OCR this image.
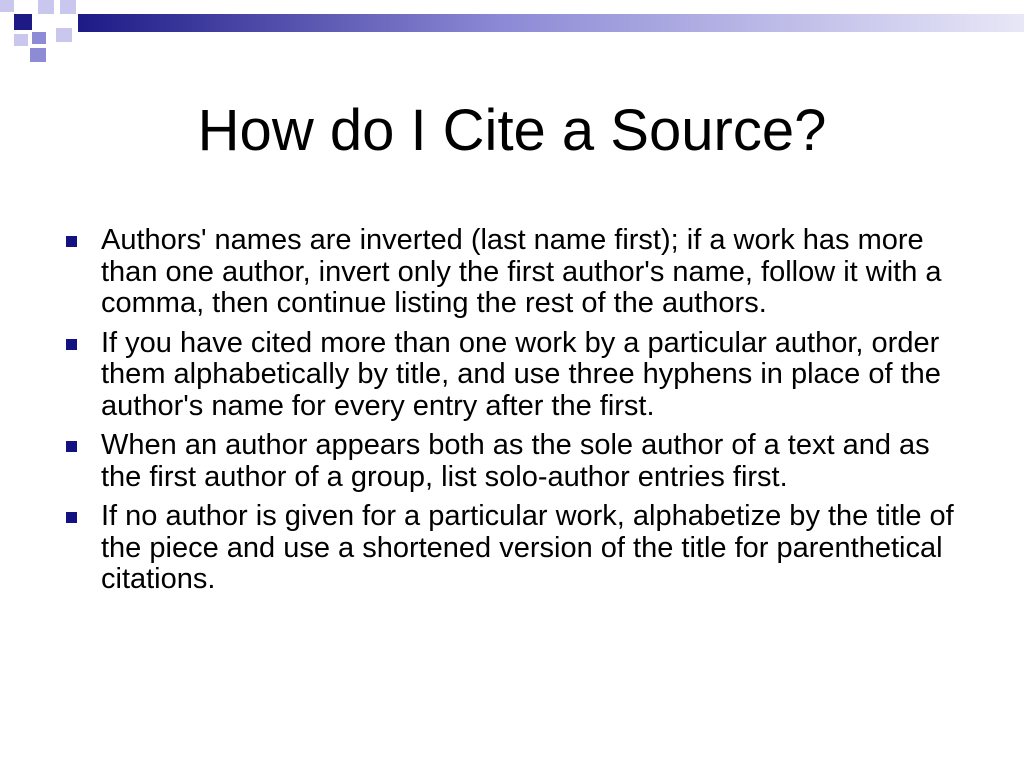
How do I Cite a Source?
Authors' names are inverted (last name first); if a work has more than one author, invert only the first author's name, follow it with a comma, then continue listing the rest of the authors.
If you have cited more than one work by a particular author, order them alphabetically by title, and use three hyphens in place of the author's name for every entry after the first.
When an author appears both as the sole author of a text and as the first author of a group, list solo-author entries first.
If no author is given for a particular work, alphabetize by the title of the piece and use a shortened version of the title for parenthetical citations.
